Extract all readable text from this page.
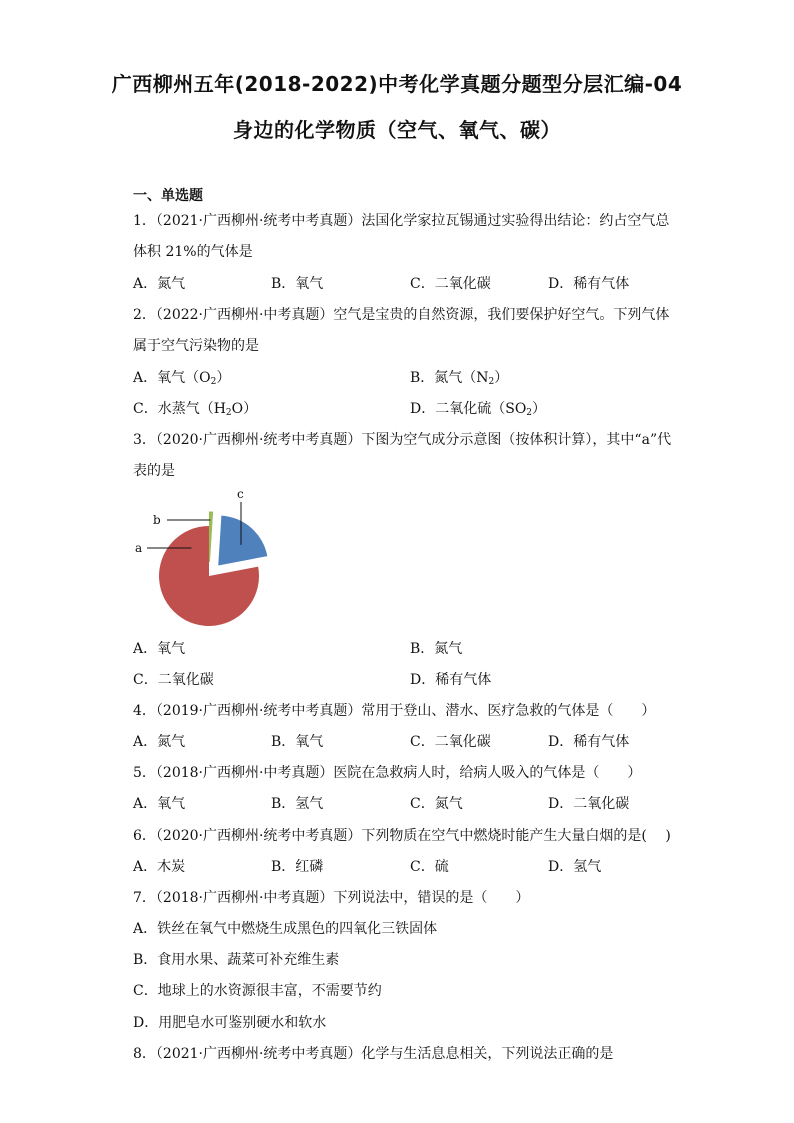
广西柳州五年(2018-2022)中考化学真题分题型分层汇编-04
身边的化学物质（空气、氧气、碳）
一、单选题
1．（2021·广西柳州·统考中考真题）法国化学家拉瓦锡通过实验得出结论：约占空气总
体积 21%的气体是
A．氮气	B．氧气	C．二氧化碳	D．稀有气体
2．（2022·广西柳州·中考真题）空气是宝贵的自然资源，我们要保护好空气。下列气体
属于空气污染物的是
A．氧气$(O_2)$	B．氮气$(N_2)$
C．水蒸气$(H_2O)$	D．二氧化硫$(SO_2)$
3．（2020·广西柳州·统考中考真题）下图为空气成分示意图（按体积计算），其中“a”代
表的是
a
b
c
A．氧气	B．氮气
C．二氧化碳	D．稀有气体
4．（2019·广西柳州·统考中考真题）常用于登山、潜水、医疗急救的气体是（　　）
A．氮气	B．氧气	C．二氧化碳	D．稀有气体
5．（2018·广西柳州·中考真题）医院在急救病人时，给病人吸入的气体是（　　）
A．氧气	B．氢气	C．氮气	D．二氧化碳
6．（2020·广西柳州·统考中考真题）下列物质在空气中燃烧时能产生大量白烟的是(　 )
A．木炭	B．红磷	C．硫	D．氢气
7．（2018·广西柳州·中考真题）下列说法中，错误的是（　　）
A．铁丝在氧气中燃烧生成黑色的四氧化三铁固体
B．食用水果、蔬菜可补充维生素
C．地球上的水资源很丰富，不需要节约
D．用肥皂水可鉴别硬水和软水
8．（2021·广西柳州·统考中考真题）化学与生活息息相关，下列说法正确的是
